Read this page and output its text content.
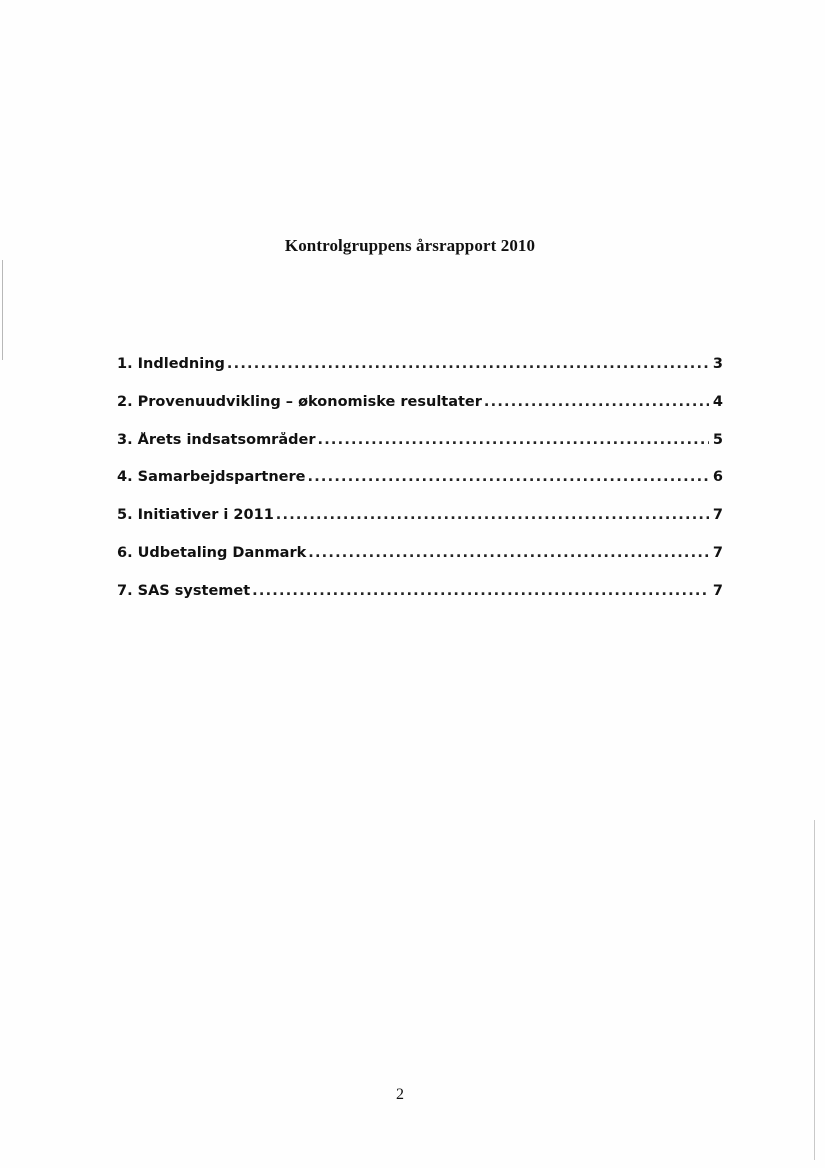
Kontrolgruppens årsrapport 2010
1. Indledning .....	3
2. Provenuudvikling – økonomiske resultater .....	4
3. Årets indsatsområder .....	5
4. Samarbejdspartnere .....	6
5. Initiativer i 2011 .....	7
6. Udbetaling Danmark .....	7
7. SAS systemet .....	7
2
